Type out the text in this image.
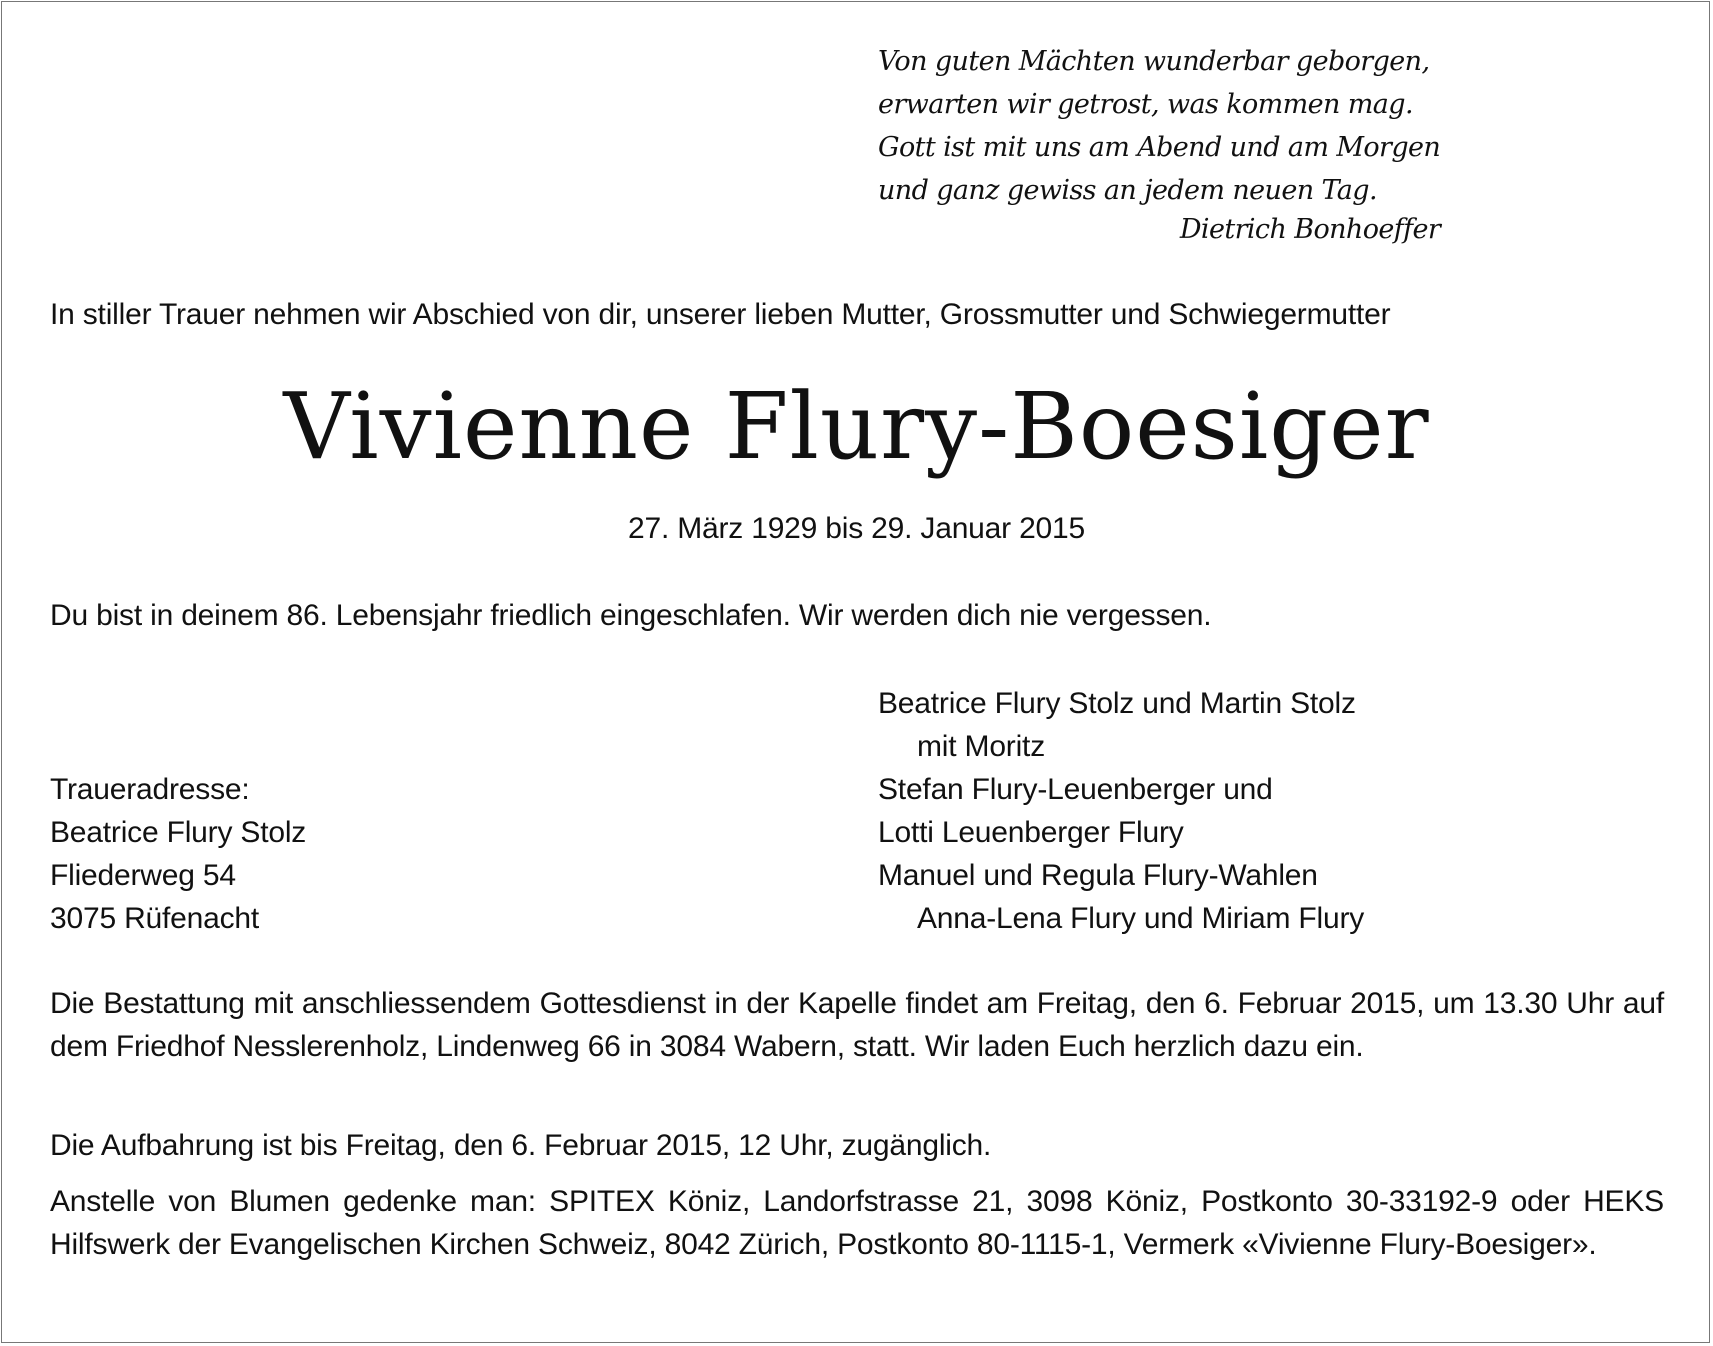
Von guten Mächten wunderbar geborgen,
erwarten wir getrost, was kommen mag.
Gott ist mit uns am Abend und am Morgen
und ganz gewiss an jedem neuen Tag.
Dietrich Bonhoeffer
In stiller Trauer nehmen wir Abschied von dir, unserer lieben Mutter, Grossmutter und Schwiegermutter
Vivienne Flury-Boesiger
27. März 1929 bis 29. Januar 2015
Du bist in deinem 86. Lebensjahr friedlich eingeschlafen. Wir werden dich nie vergessen.
Traueradresse:
Beatrice Flury Stolz
Fliederweg 54
3075 Rüfenacht
Beatrice Flury Stolz und Martin Stolz
mit Moritz
Stefan Flury-Leuenberger und
Lotti Leuenberger Flury
Manuel und Regula Flury-Wahlen
Anna-Lena Flury und Miriam Flury
Die Bestattung mit anschliessendem Gottesdienst in der Kapelle findet am Freitag, den 6. Februar 2015, um 13.30 Uhr auf dem Friedhof Nesslerenholz, Lindenweg 66 in 3084 Wabern, statt. Wir laden Euch herzlich dazu ein.
Die Aufbahrung ist bis Freitag, den 6. Februar 2015, 12 Uhr, zugänglich.
Anstelle von Blumen gedenke man: SPITEX Köniz, Landorfstrasse 21, 3098 Köniz, Postkonto 30-33192-9 oder HEKS Hilfswerk der Evangelischen Kirchen Schweiz, 8042 Zürich, Postkonto 80-1115-1, Vermerk «Vivienne Flury-Boesiger».
